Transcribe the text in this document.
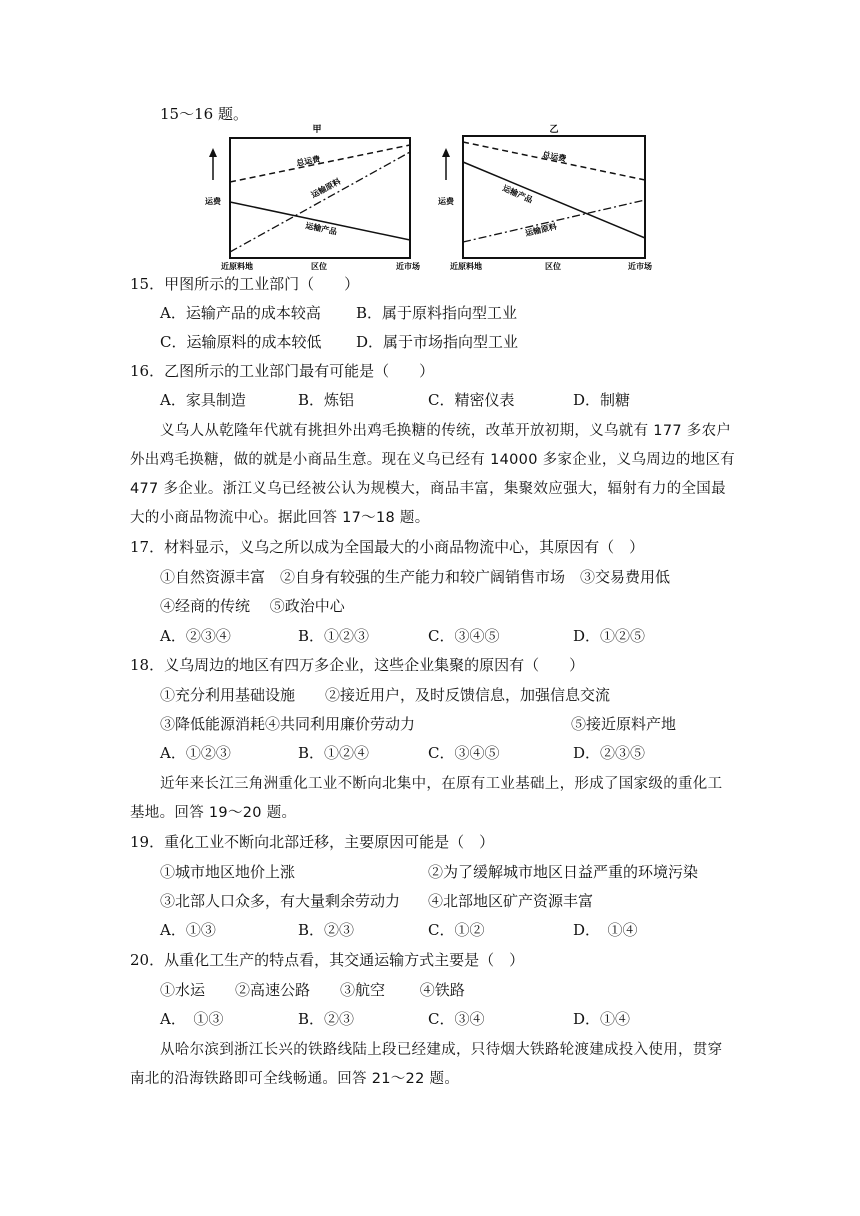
15～16 题。
甲
运费
总运费
运输原料
运输产品
近原料地	区位	近市场
乙
运费
总运费
运输产品
运输原料
近原料地	区位	近市场
15．甲图所示的工业部门（　　）
A．运输产品的成本较高 B．属于原料指向型工业
C．运输原料的成本较低 D．属于市场指向型工业
16．乙图所示的工业部门最有可能是（　　）
A．家具制造	B．炼铝	C．精密仪表	D．制糖
义乌人从乾隆年代就有挑担外出鸡毛换糖的传统，改革开放初期，义乌就有 177 多农户
外出鸡毛换糖，做的就是小商品生意。现在义乌已经有 14000 多家企业，义乌周边的地区有
477 多企业。浙江义乌已经被公认为规模大，商品丰富，集聚效应强大，辐射有力的全国最
大的小商品物流中心。据此回答 17～18 题。
17．材料显示，义乌之所以成为全国最大的小商品物流中心，其原因有（　）
①自然资源丰富　②自身有较强的生产能力和较广阔销售市场　③交易费用低
④经商的传统　 ⑤政治中心
A．②③④	B．①②③	C．③④⑤	D．①②⑤
18．义乌周边的地区有四万多企业，这些企业集聚的原因有（　　）
①充分利用基础设施　　②接近用户，及时反馈信息，加强信息交流
③降低能源消耗④共同利用廉价劳动力	⑤接近原料产地
A．①②③	B．①②④	C．③④⑤	D．②③⑤
近年来长江三角洲重化工业不断向北集中，在原有工业基础上，形成了国家级的重化工
基地。回答 19～20 题。
19．重化工业不断向北部迁移，主要原因可能是（　）
①城市地区地价上涨	②为了缓解城市地区日益严重的环境污染
③北部人口众多，有大量剩余劳动力 ④北部地区矿产资源丰富
A．①③	B．②③	C．①②	D．　①④
20．从重化工生产的特点看，其交通运输方式主要是（　）
①水运　　②高速公路　　③航空　　 ④铁路
A．　①③	B．②③	C．③④	D．①④
从哈尔滨到浙江长兴的铁路线陆上段已经建成，只待烟大铁路轮渡建成投入使用，贯穿
南北的沿海铁路即可全线畅通。回答 21～22 题。
